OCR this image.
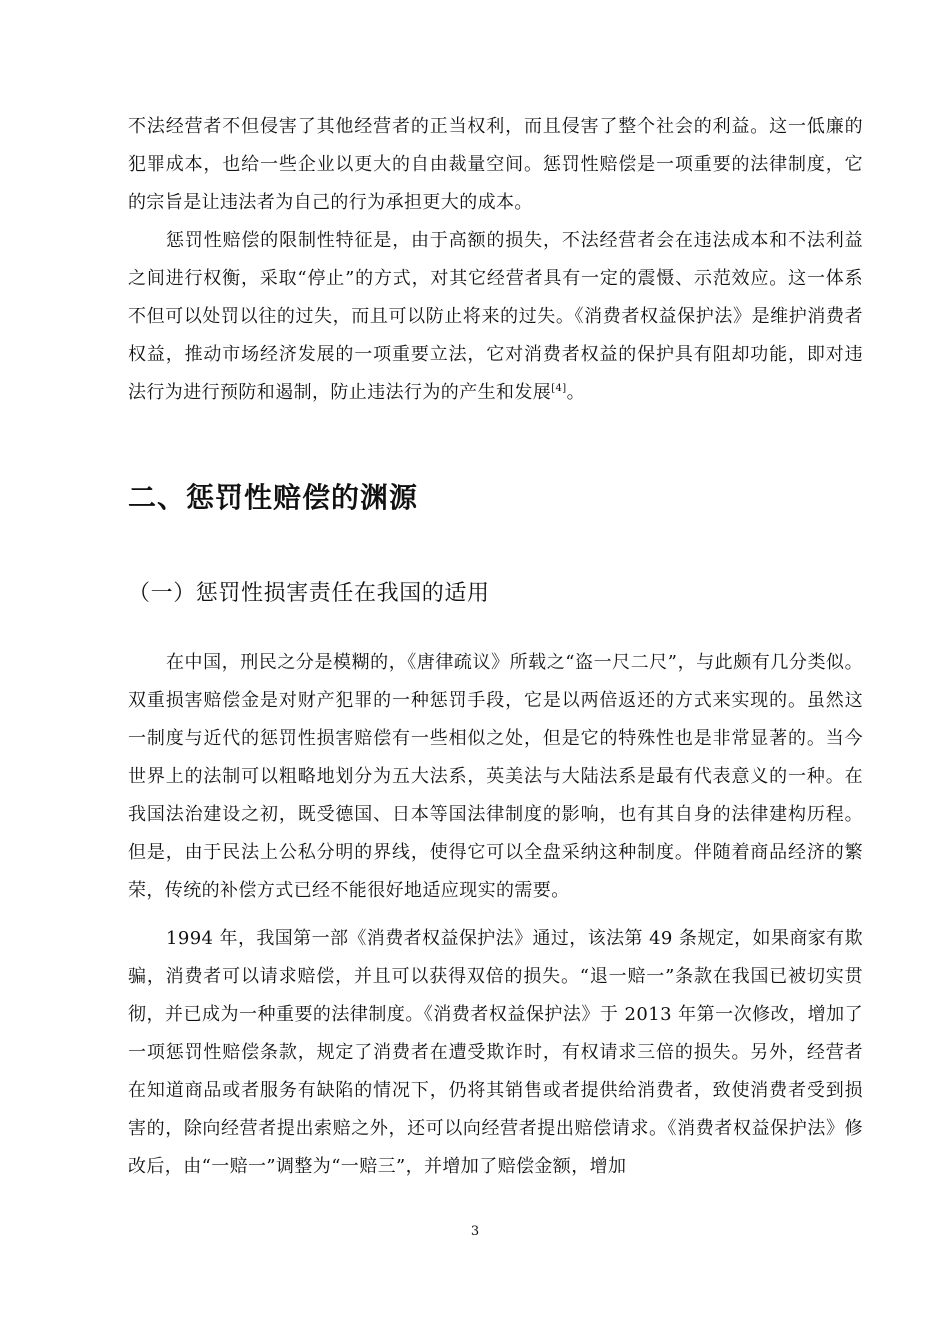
不法经营者不但侵害了其他经营者的正当权利，而且侵害了整个社会的利益。这一低廉的犯罪成本，也给一些企业以更大的自由裁量空间。惩罚性赔偿是一项重要的法律制度，它的宗旨是让违法者为自己的行为承担更大的成本。

惩罚性赔偿的限制性特征是，由于高额的损失，不法经营者会在违法成本和不法利益之间进行权衡，采取“停止”的方式，对其它经营者具有一定的震慑、示范效应。这一体系不但可以处罚以往的过失，而且可以防止将来的过失。《消费者权益保护法》是维护消费者权益，推动市场经济发展的一项重要立法，它对消费者权益的保护具有阻却功能，即对违法行为进行预防和遏制，防止违法行为的产生和发展[4]。

二、惩罚性赔偿的渊源
（一）惩罚性损害责任在我国的适用

在中国，刑民之分是模糊的，《唐律疏议》所载之“盗一尺二尺”，与此颇有几分类似。双重损害赔偿金是对财产犯罪的一种惩罚手段，它是以两倍返还的方式来实现的。虽然这一制度与近代的惩罚性损害赔偿有一些相似之处，但是它的特殊性也是非常显著的。当今世界上的法制可以粗略地划分为五大法系，英美法与大陆法系是最有代表意义的一种。在我国法治建设之初，既受德国、日本等国法律制度的影响，也有其自身的法律建构历程。但是，由于民法上公私分明的界线，使得它可以全盘采纳这种制度。伴随着商品经济的繁荣，传统的补偿方式已经不能很好地适应现实的需要。

1994 年，我国第一部《消费者权益保护法》通过，该法第 49 条规定，如果商家有欺骗，消费者可以请求赔偿，并且可以获得双倍的损失。“退一赔一”条款在我国已被切实贯彻，并已成为一种重要的法律制度。《消费者权益保护法》于 2013 年第一次修改，增加了一项惩罚性赔偿条款，规定了消费者在遭受欺诈时，有权请求三倍的损失。另外，经营者在知道商品或者服务有缺陷的情况下，仍将其销售或者提供给消费者，致使消费者受到损害的，除向经营者提出索赔之外，还可以向经营者提出赔偿请求。《消费者权益保护法》修改后，由“一赔一”调整为“一赔三”，并增加了赔偿金额，增加

3
